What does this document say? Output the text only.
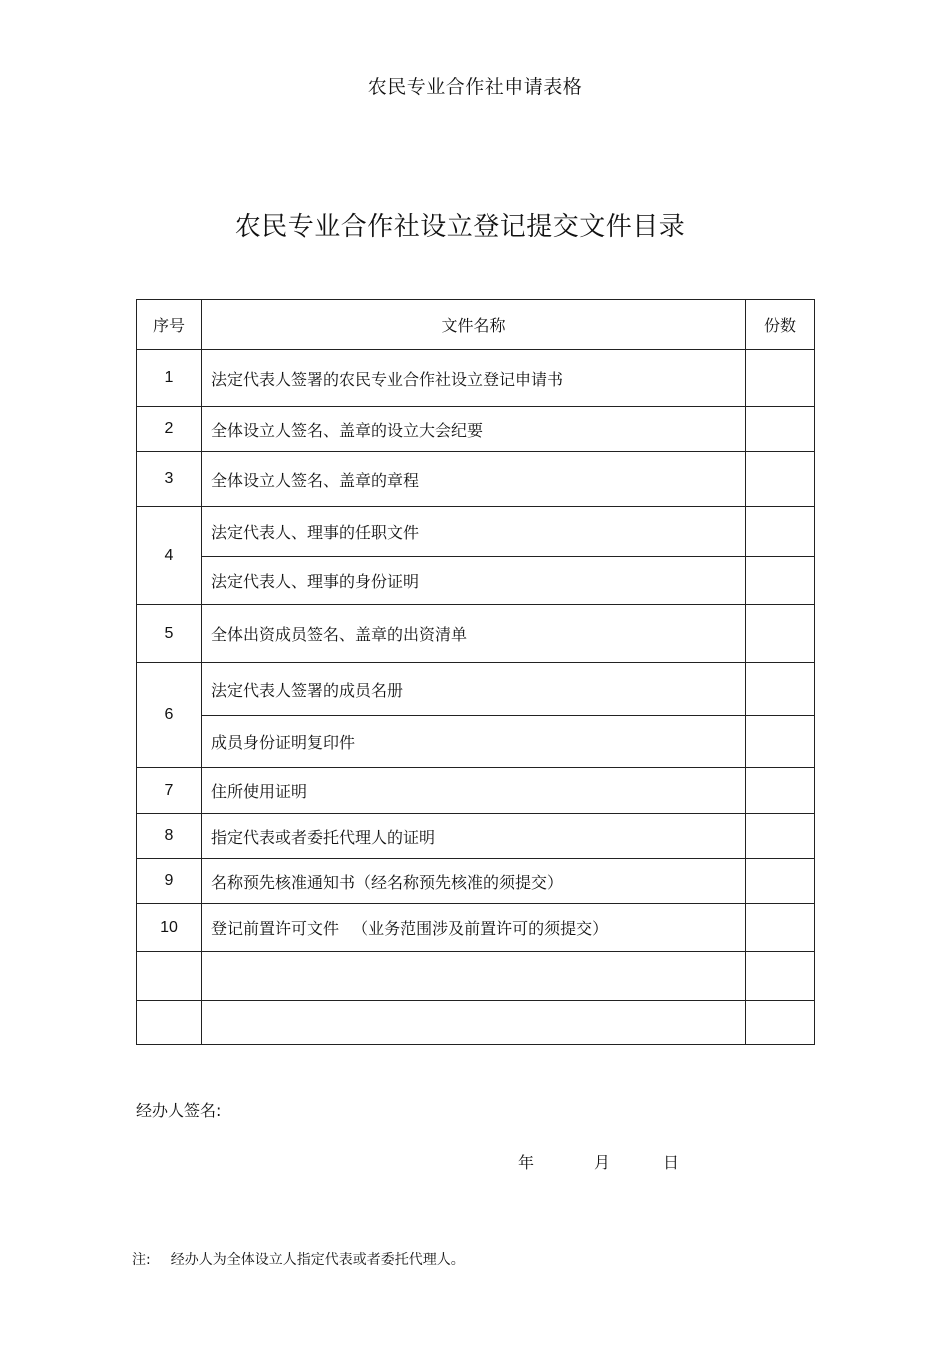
农民专业合作社申请表格
农民专业合作社设立登记提交文件目录
序号	文件名称	份数
1	法定代表人签署的农民专业合作社设立登记申请书	
2	全体设立人签名、盖章的设立大会纪要	
3	全体设立人签名、盖章的章程	
4	法定代表人、理事的任职文件	
	法定代表人、理事的身份证明	
5	全体出资成员签名、盖章的出资清单	
6	法定代表人签署的成员名册	
	成员身份证明复印件	
7	住所使用证明	
8	指定代表或者委托代理人的证明	
9	名称预先核准通知书（经名称预先核准的须提交）	
10	登记前置许可文件 　（业务范围涉及前置许可的须提交）	

经办人签名:
年	月	日
注: 经办人为全体设立人指定代表或者委托代理人。
